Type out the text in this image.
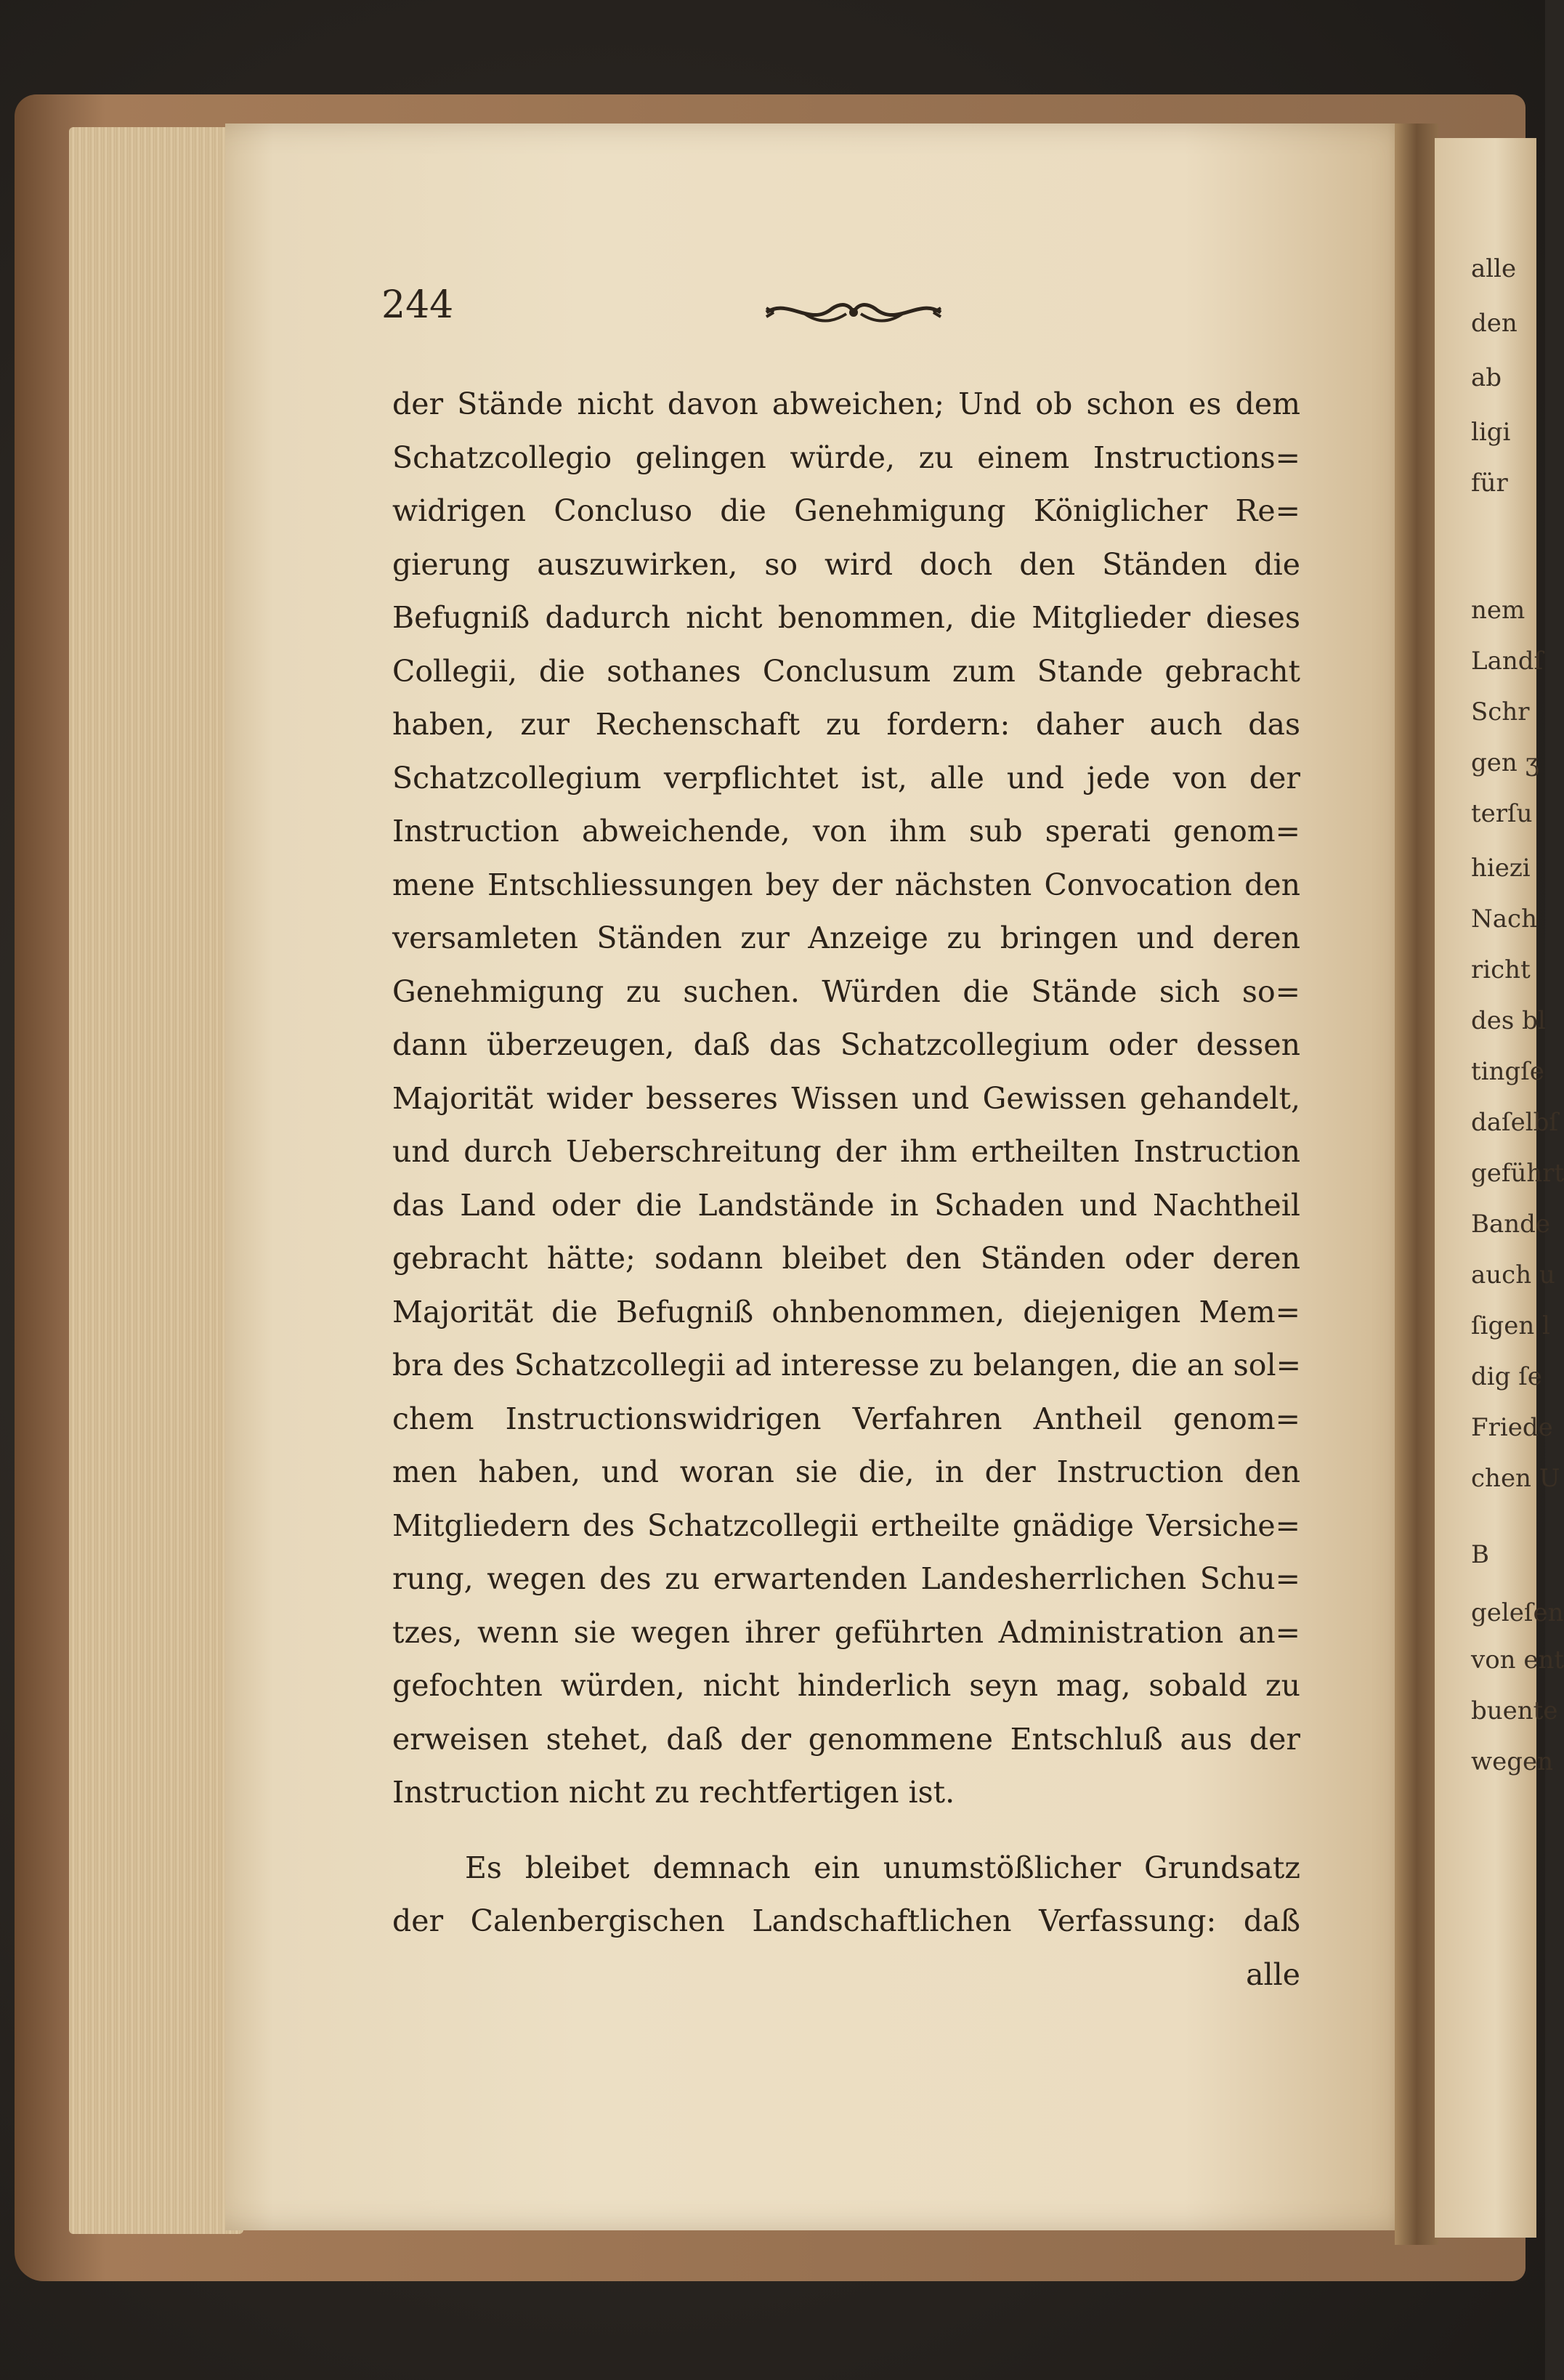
alle
den
ab
ligi
für
nem
Landſ
Schr
gen ʒ
terſu
hiezi
Nach
richt
des bl
tingſe
daſelbſ
geführt
Bande
auch u
ſigen l
dig ſe
Friede
chen U
B
geleſen
von ent
buente
wegen
244
der Stände nicht davon abweichen; Und ob schon es dem
Schatzcollegio gelingen würde, zu einem Instructions=
widrigen Concluso die Genehmigung Königlicher Re=
gierung auszuwirken, so wird doch den Ständen die
Befugniß dadurch nicht benommen, die Mitglieder dieses
Collegii, die sothanes Conclusum zum Stande gebracht
haben, zur Rechenschaft zu fordern: daher auch das
Schatzcollegium verpflichtet ist, alle und jede von der
Instruction abweichende, von ihm sub sperati genom=
mene Entschliessungen bey der nächsten Convocation den
versamleten Ständen zur Anzeige zu bringen und deren
Genehmigung zu suchen. Würden die Stände sich so=
dann überzeugen, daß das Schatzcollegium oder dessen
Majorität wider besseres Wissen und Gewissen gehandelt,
und durch Ueberschreitung der ihm ertheilten Instruction
das Land oder die Landstände in Schaden und Nachtheil
gebracht hätte; sodann bleibet den Ständen oder deren
Majorität die Befugniß ohnbenommen, diejenigen Mem=
bra des Schatzcollegii ad interesse zu belangen, die an sol=
chem Instructionswidrigen Verfahren Antheil genom=
men haben, und woran sie die, in der Instruction den
Mitgliedern des Schatzcollegii ertheilte gnädige Versiche=
rung, wegen des zu erwartenden Landesherrlichen Schu=
tzes, wenn sie wegen ihrer geführten Administration an=
gefochten würden, nicht hinderlich seyn mag, sobald zu
erweisen stehet, daß der genommene Entschluß aus der
Instruction nicht zu rechtfertigen ist.
Es bleibet demnach ein unumstößlicher Grundsatz
der Calenbergischen Landschaftlichen Verfassung: daß
alle
